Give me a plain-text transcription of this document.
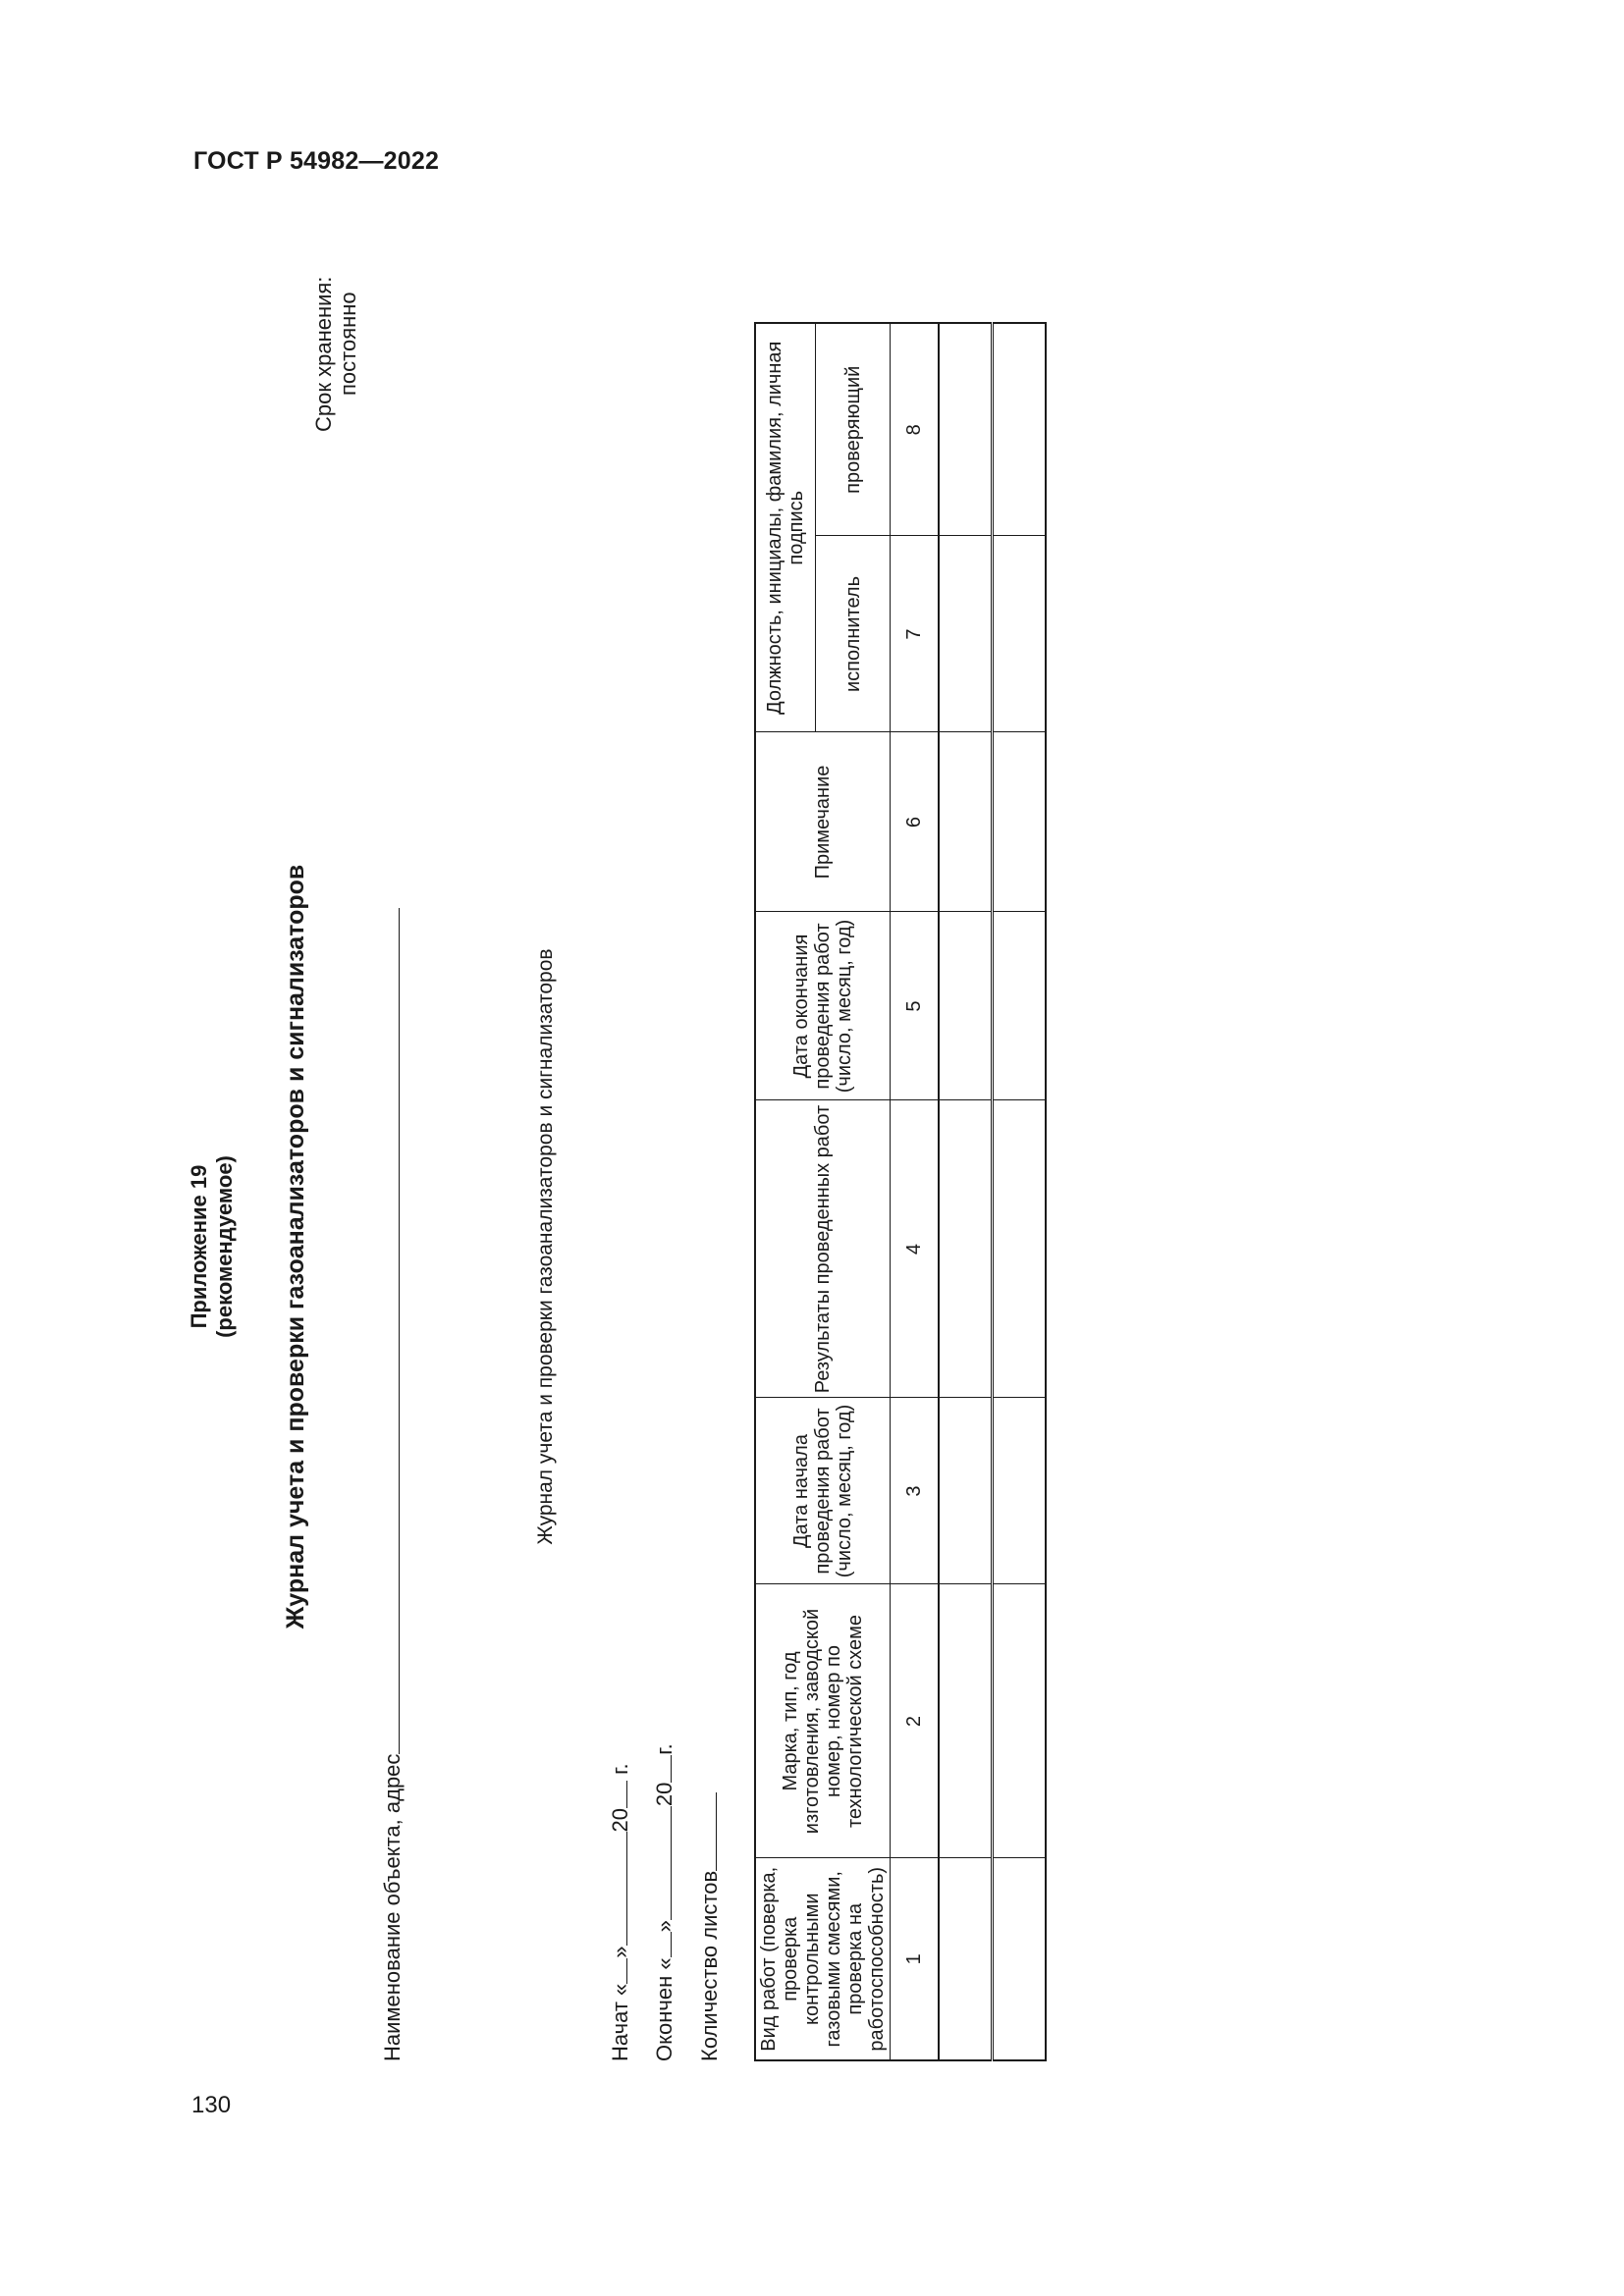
ГОСТ Р 54982—2022
130
Приложение 19 (рекомендуемое) Журнал учета и проверки газоанализаторов и сигнализаторов
Срок хранения: постоянно
Наименование объекта, адрес
Журнал учета и проверки газоанализаторов и сигнализаторов
Начат «»20 г.
Окончен «»20г.
Количество листов Вид работ (поверка, проверка контрольными газовыми смесями, проверка на работоспособность)	Марка, тип, год изготовления, заводской номер, номер по технологической схеме	Дата начала проведения работ (число, месяц, год)	Результаты проведенных работ	Дата окончания проведения работ (число, месяц, год)	Примечание	Должность, инициалы, фамилия, личная подпись	
						исполнитель	проверяющий
1	2	3	4	5	6	7	8
